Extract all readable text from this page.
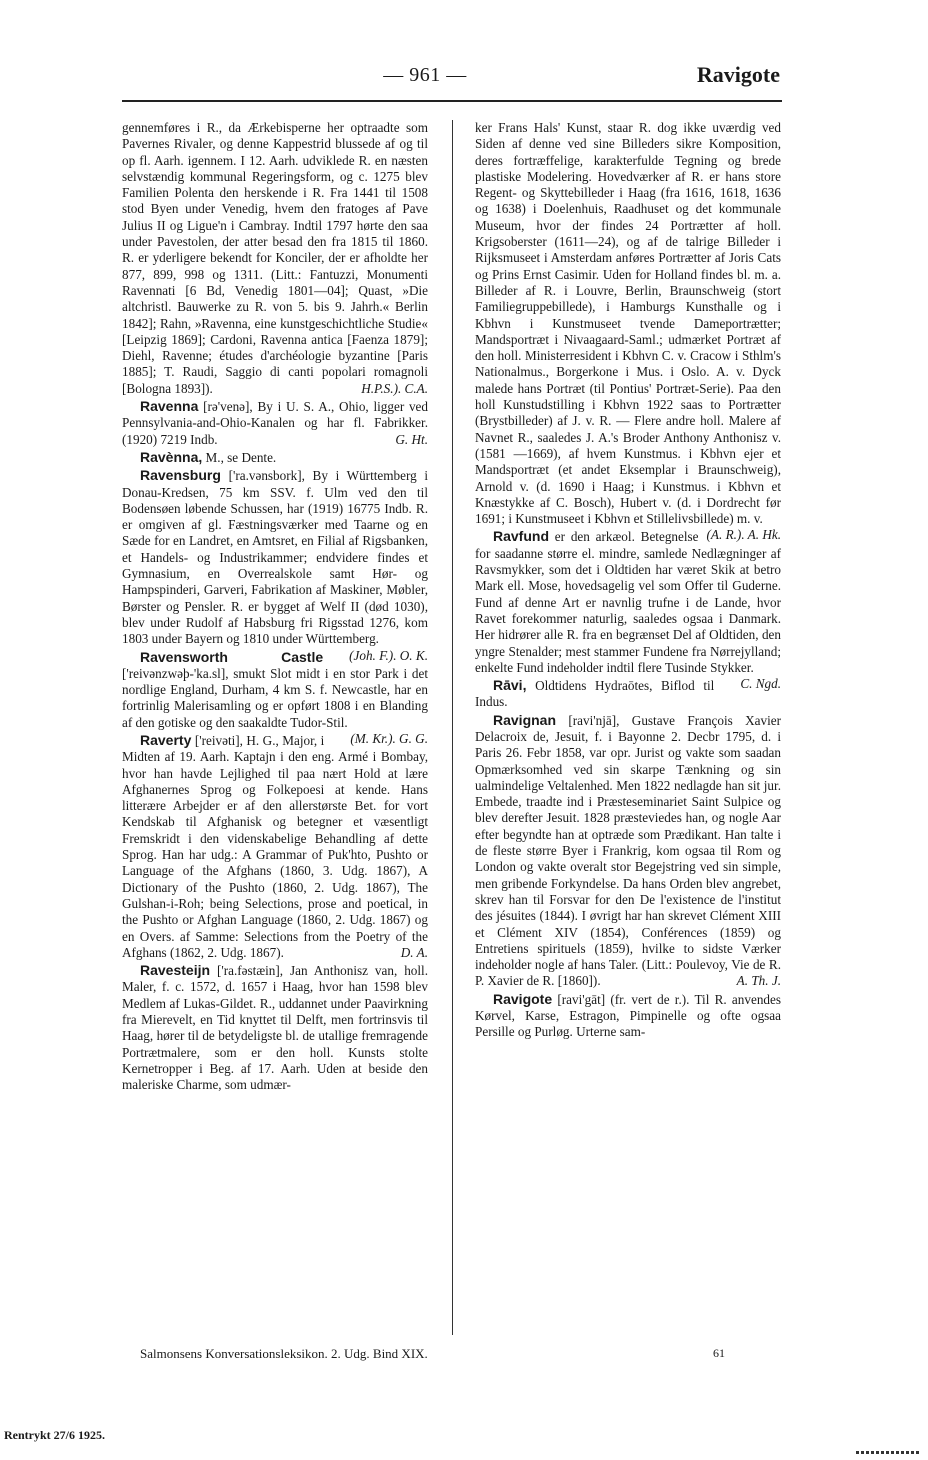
— 961 —	Ravigote

gennemføres i R., da Ærkebisperne her optraadte som Pavernes Rivaler, og denne Kappestrid blussede af og til op fl. Aarh. igennem. I 12. Aarh. udviklede R. en næsten selvstændig kommunal Regeringsform, og c. 1275 blev Familien Polenta den herskende i R. Fra 1441 til 1508 stod Byen under Venedig, hvem den fratoges af Pave Julius II og Ligue'n i Cambray. Indtil 1797 hørte den saa under Pavestolen, der atter besad den fra 1815 til 1860. R. er yderligere bekendt for Konciler, der er afholdte her 877, 899, 998 og 1311. (Litt.: Fantuzzi, Monumenti Ravennati [6 Bd, Venedig 1801—04]; Quast, »Die altchristl. Bauwerke zu R. von 5. bis 9. Jahrh.« Berlin 1842]; Rahn, »Ravenna, eine kunstgeschichtliche Studie« [Leipzig 1869]; Cardoni, Ravenna antica [Faenza 1879]; Diehl, Ravenne; études d'archéologie byzantine [Paris 1885]; T. Raudi, Saggio di canti popolari romagnoli [Bologna 1893]).	H.P.S.). C.A.

Ravenna [rə'venə], By i U. S. A., Ohio, ligger ved Pennsylvania-and-Ohio-Kanalen og har fl. Fabrikker. (1920) 7219 Indb.	G. Ht.

Ravènna, M., se Dente.

Ravensburg ['ra.vənsbork], By i Württemberg i Donau-Kredsen, 75 km SSV. f. Ulm ved den til Bodensøen løbende Schussen, har (1919) 16775 Indb. R. er omgiven af gl. Fæstningsværker med Taarne og en Sæde for en Landret, en Amtsret, en Filial af Rigsbanken, et Handels- og Industrikammer; endvidere findes et Gymnasium, en Overrealskole samt Hør- og Hampspinderi, Garveri, Fabrikation af Maskiner, Møbler, Børster og Pensler. R. er bygget af Welf II (død 1030), blev under Rudolf af Habsburg fri Rigsstad 1276, kom 1803 under Bayern og 1810 under Württemberg.
(Joh. F.). O. K.

Ravensworth Castle ['reivənzwəþ-'ka.sl], smukt Slot midt i en stor Park i det nordlige England, Durham, 4 km S. f. Newcastle, har en fortrinlig Malerisamling og er opført 1808 i en Blanding af den gotiske og den saakaldte Tudor-Stil.
(M. Kr.). G. G.

Raverty ['reivəti], H. G., Major, i Midten af 19. Aarh. Kaptajn i den eng. Armé i Bombay, hvor han havde Lejlighed til paa nært Hold at lære Afghanernes Sprog og Folkepoesi at kende. Hans litterære Arbejder er af den allerstørste Bet. for vort Kendskab til Afghanisk og betegner et væsentligt Fremskridt i den videnskabelige Behandling af dette Sprog. Han har udg.: A Grammar of Puk'hto, Pushto or Language of the Afghans (1860, 3. Udg. 1867), A Dictionary of the Pushto (1860, 2. Udg. 1867), The Gulshan-i-Roh; being Selections, prose and poetical, in the Pushto or Afghan Language (1860, 2. Udg. 1867) og en Overs. af Samme: Selections from the Poetry of the Afghans (1862, 2. Udg. 1867).	D. A.

Ravesteijn ['ra.fəstæin], Jan Anthonisz van, holl. Maler, f. c. 1572, d. 1657 i Haag, hvor han 1598 blev Medlem af Lukas-Gildet. R., uddannet under Paavirkning fra Mierevelt, en Tid knyttet til Delft, men fortrinsvis til Haag, hører til de betydeligste bl. de utallige fremragende Portrætmalere, som er den holl. Kunsts stolte Kernetropper i Beg. af 17. Aarh. Uden at beside den maleriske Charme, som udmær-

ker Frans Hals' Kunst, staar R. dog ikke uværdig ved Siden af denne ved sine Billeders sikre Komposition, deres fortræffelige, karakterfulde Tegning og brede plastiske Modelering. Hovedværker af R. er hans store Regent- og Skyttebilleder i Haag (fra 1616, 1618, 1636 og 1638) i Doelenhuis, Raadhuset og det kommunale Museum, hvor der findes 24 Portrætter af holl. Krigsoberster (1611—24), og af de talrige Billeder i Rijksmuseet i Amsterdam anføres Portrætter af Joris Cats og Prins Ernst Casimir. Uden for Holland findes bl. m. a. Billeder af R. i Louvre, Berlin, Braunschweig (stort Familiegruppebillede), i Hamburgs Kunsthalle og i Kbhvn i Kunstmuseet tvende Dameportrætter; Mandsportræt i Nivaagaard-Saml.; udmærket Portræt af den holl. Ministerresident i Kbhvn C. v. Cracow i Sthlm's Nationalmus., Borgerkone i Mus. i Oslo. A. v. Dyck malede hans Portræt (til Pontius' Portræt-Serie). Paa den holl Kunstudstilling i Kbhvn 1922 saas to Portrætter (Brystbilleder) af J. v. R. — Flere andre holl. Malere af Navnet R., saaledes J. A.'s Broder Anthony Anthonisz v. (1581 —1669), af hvem Kunstmus. i Kbhvn ejer et Mandsportræt (et andet Eksemplar i Braunschweig), Arnold v. (d. 1690 i Haag; i Kunstmus. i Kbhvn et Knæstykke af C. Bosch), Hubert v. (d. i Dordrecht før 1691; i Kunstmuseet i Kbhvn et Stillelivsbillede) m. v.
(A. R.). A. Hk.

Ravfund er den arkæol. Betegnelse for saadanne større el. mindre, samlede Nedlægninger af Ravsmykker, som det i Oldtiden har været Skik at betro Mark ell. Mose, hovedsagelig vel som Offer til Guderne. Fund af denne Art er navnlig trufne i de Lande, hvor Ravet forekommer naturlig, saaledes ogsaa i Danmark. Her hidrører alle R. fra en begrænset Del af Oldtiden, den yngre Stenalder; mest stammer Fundene fra Nørrejylland; enkelte Fund indeholder indtil flere Tusinde Stykker.
C. Ngd.

Rāvi, Oldtidens Hydraōtes, Biflod til Indus.

Ravignan [ravi'njā], Gustave François Xavier Delacroix de, Jesuit, f. i Bayonne 2. Decbr 1795, d. i Paris 26. Febr 1858, var opr. Jurist og vakte som saadan Opmærksomhed ved sin skarpe Tænkning og sin ualmindelige Veltalenhed. Men 1822 nedlagde han sit jur. Embede, traadte ind i Præsteseminariet Saint Sulpice og blev derefter Jesuit. 1828 præsteviedes han, og nogle Aar efter begyndte han at optræde som Prædikant. Han talte i de fleste større Byer i Frankrig, kom ogsaa til Rom og London og vakte overalt stor Begejstring ved sin simple, men gribende Forkyndelse. Da hans Orden blev angrebet, skrev han til Forsvar for den De l'existence de l'institut des jésuites (1844). I øvrigt har han skrevet Clément XIII et Clément XIV (1854), Conférences (1859) og Entretiens spirituels (1859), hvilke to sidste Værker indeholder nogle af hans Taler. (Litt.: Poulevoy, Vie de R. P. Xavier de R. [1860]).	A. Th. J.

Ravigote [ravi'gāt] (fr. vert de r.). Til R. anvendes Kørvel, Karse, Estragon, Pimpinelle og ofte ogsaa Persille og Purløg. Urterne sam-

Salmonsens Konversationsleksikon. 2. Udg. Bind XIX.	61
Rentrykt 27/6 1925.
